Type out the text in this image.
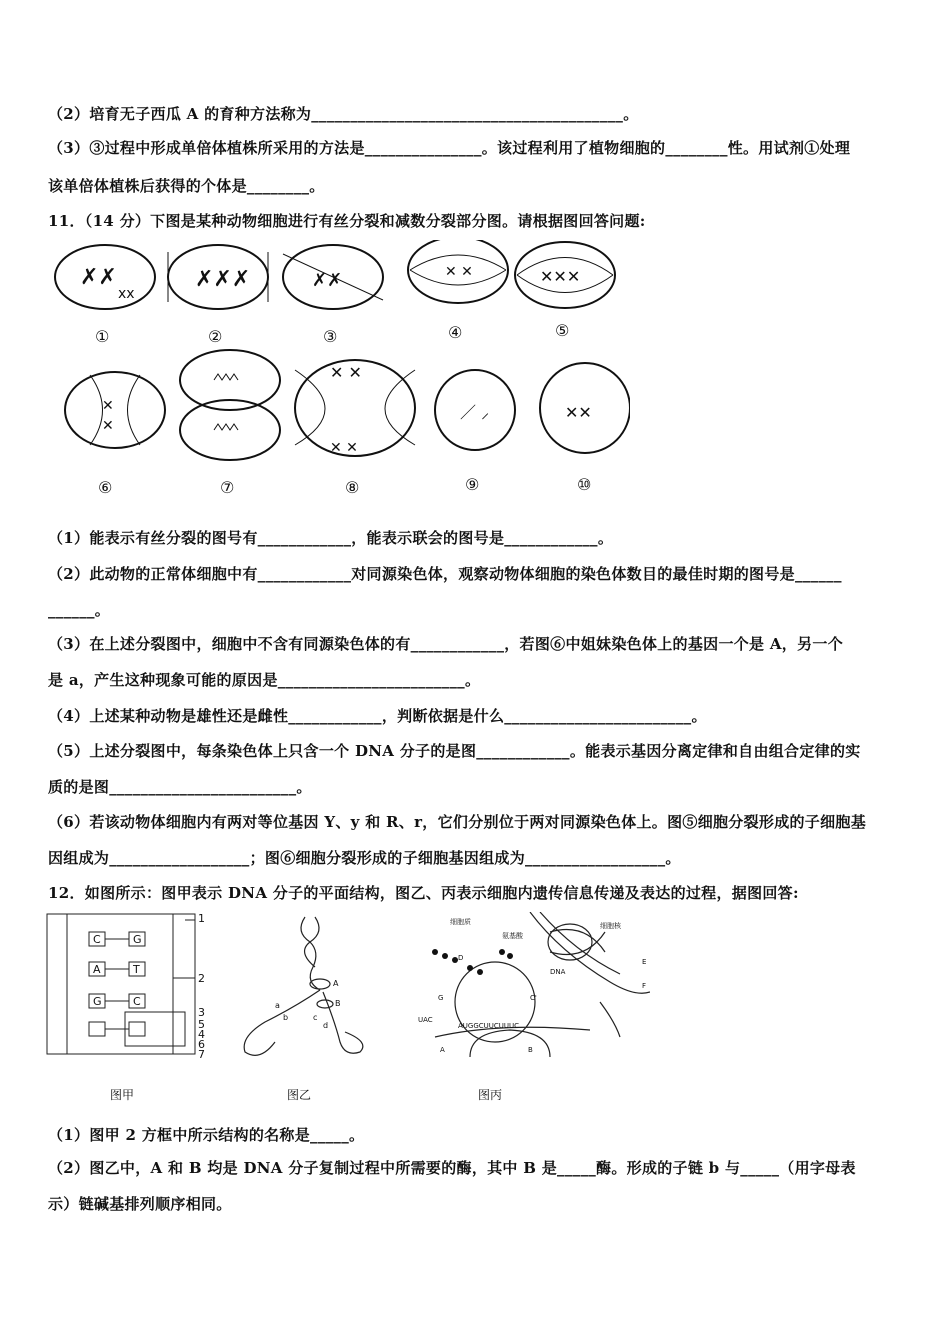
（2）培育无子西瓜 A 的育种方法称为________________________________________。
（3）③过程中形成单倍体植株所采用的方法是_______________。该过程利用了植物细胞的________性。用试剂①处理
该单倍体植株后获得的个体是________。
11．（14 分）下图是某种动物细胞进行有丝分裂和减数分裂部分图。请根据图回答问题:
✗✗
xx
✗✗✗	✗✗	✕ ✕	✕✕✕
✕
✕
✕ ✕
✕ ✕
／ ⸝	✕✕
①	②	③	④	⑤
⑥	⑦	⑧	⑨	⑩
（1）能表示有丝分裂的图号有____________，能表示联会的图号是____________。
（2）此动物的正常体细胞中有____________对同源染色体，观察动物体细胞的染色体数目的最佳时期的图号是______
______。
（3）在上述分裂图中，细胞中不含有同源染色体的有____________，若图⑥中姐妹染色体上的基因一个是 A，另一个
是 a，产生这种现象可能的原因是________________________。
（4）上述某种动物是雄性还是雌性____________，判断依据是什么________________________。
（5）上述分裂图中，每条染色体上只含一个 DNA 分子的是图____________。能表示基因分离定律和自由组合定律的实
质的是图________________________。
（6）若该动物体细胞内有两对等位基因 Y、y 和 R、r，它们分别位于两对同源染色体上。图⑤细胞分裂形成的子细胞基
因组成为__________________；图⑥细胞分裂形成的子细胞基因组成为__________________。
12．如图所示：图甲表示 DNA 分子的平面结构，图乙、丙表示细胞内遗传信息传递及表达的过程，据图回答:
C
A
G
G
T
C
1
2
3
5
4
6
7
A
B
a
b	c
d
细胞质
氨基酸
细胞核
DNA
D
G	C'
E
F
A	B
UAC
AUGGCUUCUUUC
图甲	图乙	图丙
（1）图甲 2 方框中所示结构的名称是_____。
（2）图乙中，A 和 B 均是 DNA 分子复制过程中所需要的酶，其中 B 是_____酶。形成的子链 b 与_____（用字母表
示）链碱基排列顺序相同。
